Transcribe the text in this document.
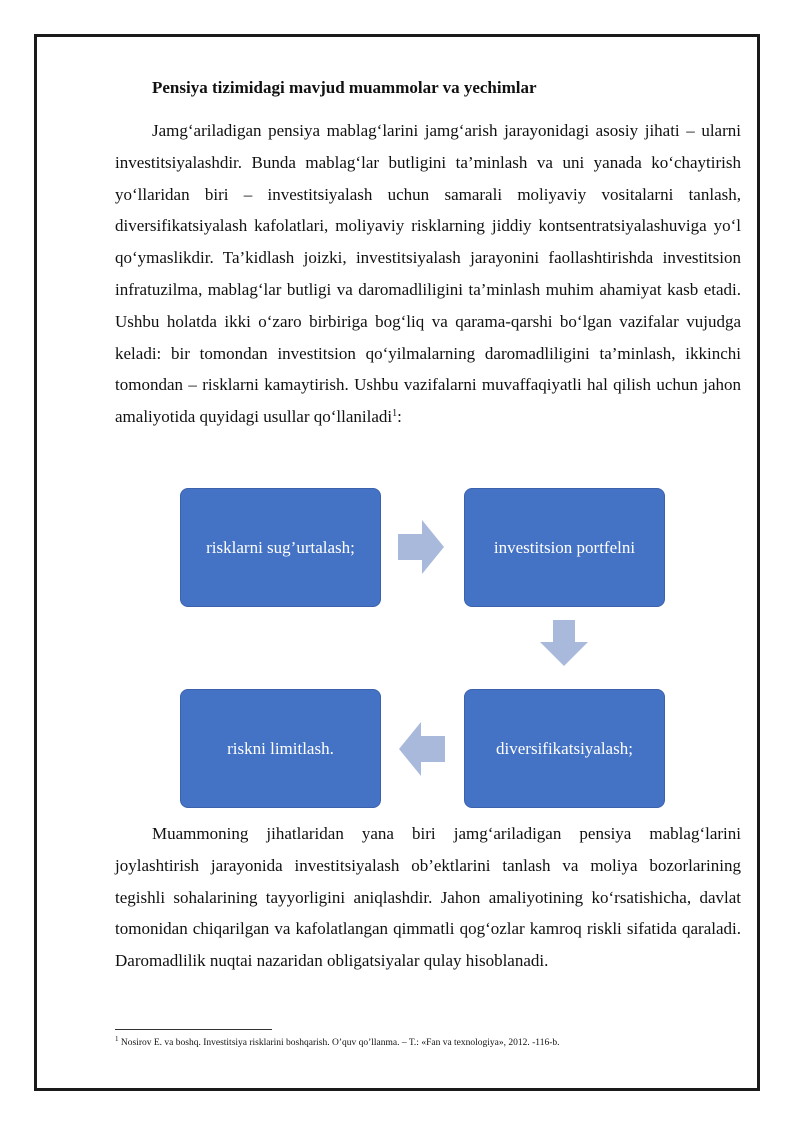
Pensiya tizimidagi mavjud muammolar va yechimlar

Jamg‘ariladigan pensiya mablag‘larini jamg‘arish jarayonidagi asosiy jihati – ularni investitsiyalashdir. Bunda mablag‘lar butligini ta’minlash va uni yanada ko‘chaytirish yo‘llaridan biri – investitsiyalash uchun samarali moliyaviy vositalarni tanlash, diversifikatsiyalash kafolatlari, moliyaviy risklarning jiddiy kontsentratsiyalashuviga yo‘l qo‘ymaslikdir. Ta’kidlash joizki, investitsiyalash jarayonini faollashtirishda investitsion infratuzilma, mablag‘lar butligi va daromadliligini ta’minlash muhim ahamiyat kasb etadi. Ushbu holatda ikki o‘zaro birbiriga bog‘liq va qarama-qarshi bo‘lgan vazifalar vujudga keladi: bir tomondan investitsion qo‘yilmalarning daromadliligini ta’minlash, ikkinchi tomondan – risklarni kamaytirish. Ushbu vazifalarni muvaffaqiyatli hal qilish uchun jahon amaliyotida quyidagi usullar qo‘llaniladi$^1$:

risklarni sug’urtalash;	investitsion portfelni
diversifikatsiyalash;
riskni limitlash.

Muammoning jihatlaridan yana biri jamg‘ariladigan pensiya mablag‘larini joylashtirish jarayonida investitsiyalash ob’ektlarini tanlash va moliya bozorlarining tegishli sohalarining tayyorligini aniqlashdir. Jahon amaliyotining ko‘rsatishicha, davlat tomonidan chiqarilgan va kafolatlangan qimmatli qog‘ozlar kamroq riskli sifatida qaraladi. Daromadlilik nuqtai nazaridan obligatsiyalar qulay hisoblanadi.

$^1$ Nosirov E. va boshq. Investitsiya risklarini boshqarish. O’quv qo’llanma. – T.: «Fan va texnologiya», 2012. -116-b.
